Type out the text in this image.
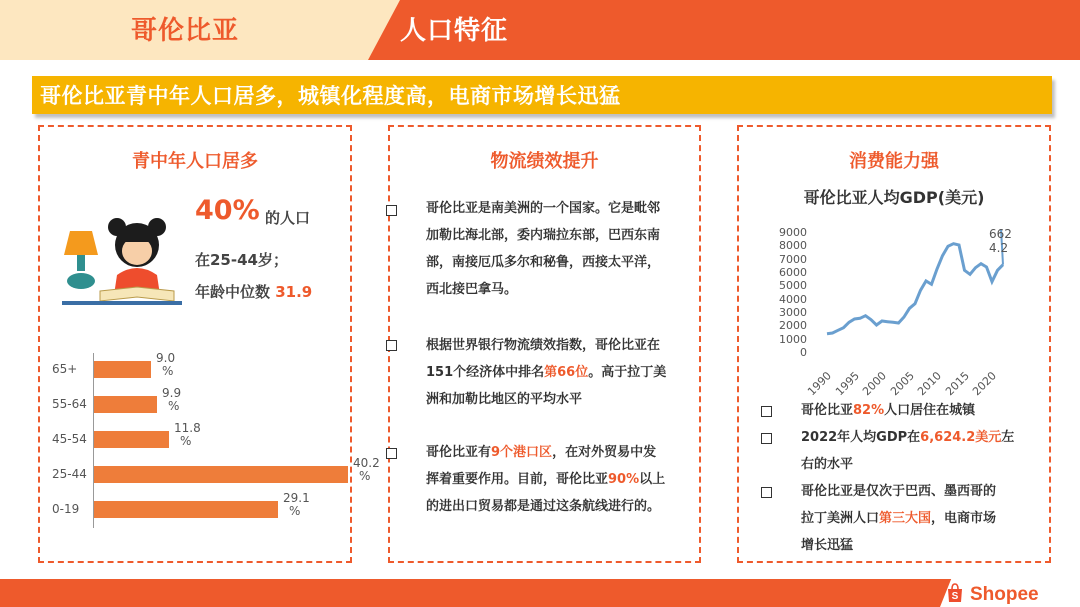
哥伦比亚	人口特征
哥伦比亚青中年人口居多，城镇化程度高，电商市场增长迅猛
青中年人口居多
40% 的人口
在25-44岁；
年龄中位数 31.9
65+
9.0
%
55-64
9.9
%
45-54
11.8
%
25-44
40.2
%
0-19
29.1
%
物流绩效提升
哥伦比亚是南美洲的一个国家。它是毗邻
加勒比海北部，委内瑞拉东部，巴西东南
部，南接厄瓜多尔和秘鲁，西接太平洋，
西北接巴拿马。
根据世界银行物流绩效指数，哥伦比亚在
151个经济体中排名第66位。高于拉丁美
洲和加勒比地区的平均水平
哥伦比亚有9个港口区，在对外贸易中发
挥着重要作用。目前，哥伦比亚90%以上
的进出口贸易都是通过这条航线进行的。
消费能力强
哥伦比亚人均GDP(美元)
9000
8000
7000
6000
5000
4000
3000
2000
1000
0
1990
1995
2000
2005
2010
2015
2020
662
4.2
哥伦比亚82%人口居住在城镇
2022年人均GDP在6,624.2美元左
右的水平
哥伦比亚是仅次于巴西、墨西哥的
拉丁美洲人口第三大国，电商市场
增长迅猛
S Shopee
